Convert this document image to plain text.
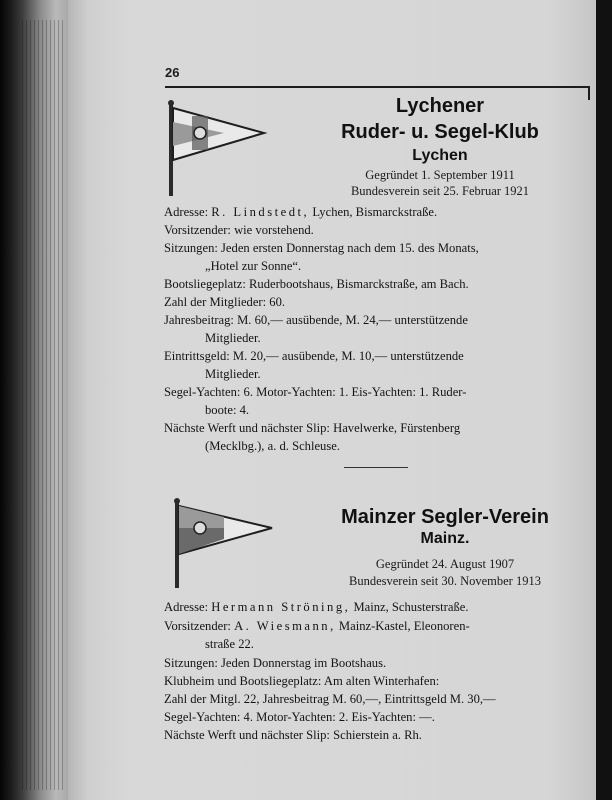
26
Lychener
Ruder- u. Segel-Klub
Lychen
Gegründet 1. September 1911
Bundesverein seit 25. Februar 1921
Adresse: R. Lindstedt, Lychen, Bismarckstraße.
Vorsitzender: wie vorstehend.
Sitzungen: Jeden ersten Donnerstag nach dem 15. des Monats,
„Hotel zur Sonne“.
Bootsliegeplatz: Ruderbootshaus, Bismarckstraße, am Bach.
Zahl der Mitglieder: 60.
Jahresbeitrag: M. 60,— ausübende, M. 24,— unterstützende
Mitglieder.
Eintrittsgeld: M. 20,— ausübende, M. 10,— unterstützende
Mitglieder.
Segel-Yachten: 6. Motor-Yachten: 1. Eis-Yachten: 1. Ruder-
boote: 4.
Nächste Werft und nächster Slip: Havelwerke, Fürstenberg
(Mecklbg.), a. d. Schleuse.
Mainzer Segler-Verein
Mainz.
Gegründet 24. August 1907
Bundesverein seit 30. November 1913
Adresse: Hermann Ströning, Mainz, Schusterstraße.
Vorsitzender: A. Wiesmann, Mainz-Kastel, Eleonoren-
straße 22.
Sitzungen: Jeden Donnerstag im Bootshaus.
Klubheim und Bootsliegeplatz: Am alten Winterhafen:
Zahl der Mitgl. 22, Jahresbeitrag M. 60,—, Eintrittsgeld M. 30,—
Segel-Yachten: 4. Motor-Yachten: 2. Eis-Yachten: —.
Nächste Werft und nächster Slip: Schierstein a. Rh.
